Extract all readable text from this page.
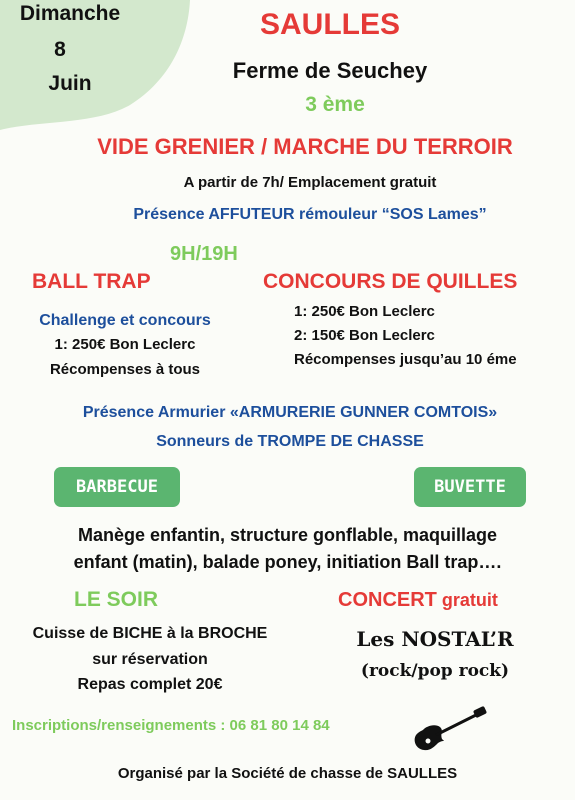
Dimanche
8
Juin
SAULLES
Ferme de Seuchey
3 ème
VIDE GRENIER / MARCHE DU TERROIR
A partir de 7h/ Emplacement gratuit
Présence AFFUTEUR rémouleur “SOS Lames”
9H/19H
BALL TRAP
Challenge et concours
1: 250€ Bon Leclerc
Récompenses à tous
CONCOURS DE QUILLES
1: 250€ Bon Leclerc
2: 150€ Bon Leclerc
Récompenses jusqu’au 10 éme
Présence Armurier «ARMURERIE GUNNER COMTOIS»
Sonneurs de TROMPE DE CHASSE
BARBECUE	BUVETTE
Manège enfantin, structure gonflable, maquillage
enfant (matin), balade poney, initiation Ball trap….
LE SOIR
Cuisse de BICHE à la BROCHE
sur réservation
Repas complet 20€
CONCERT gratuit
Les NOSTAL’R
(rock/pop rock)
Inscriptions/renseignements : 06 81 80 14 84
Organisé par la Société de chasse de SAULLES
